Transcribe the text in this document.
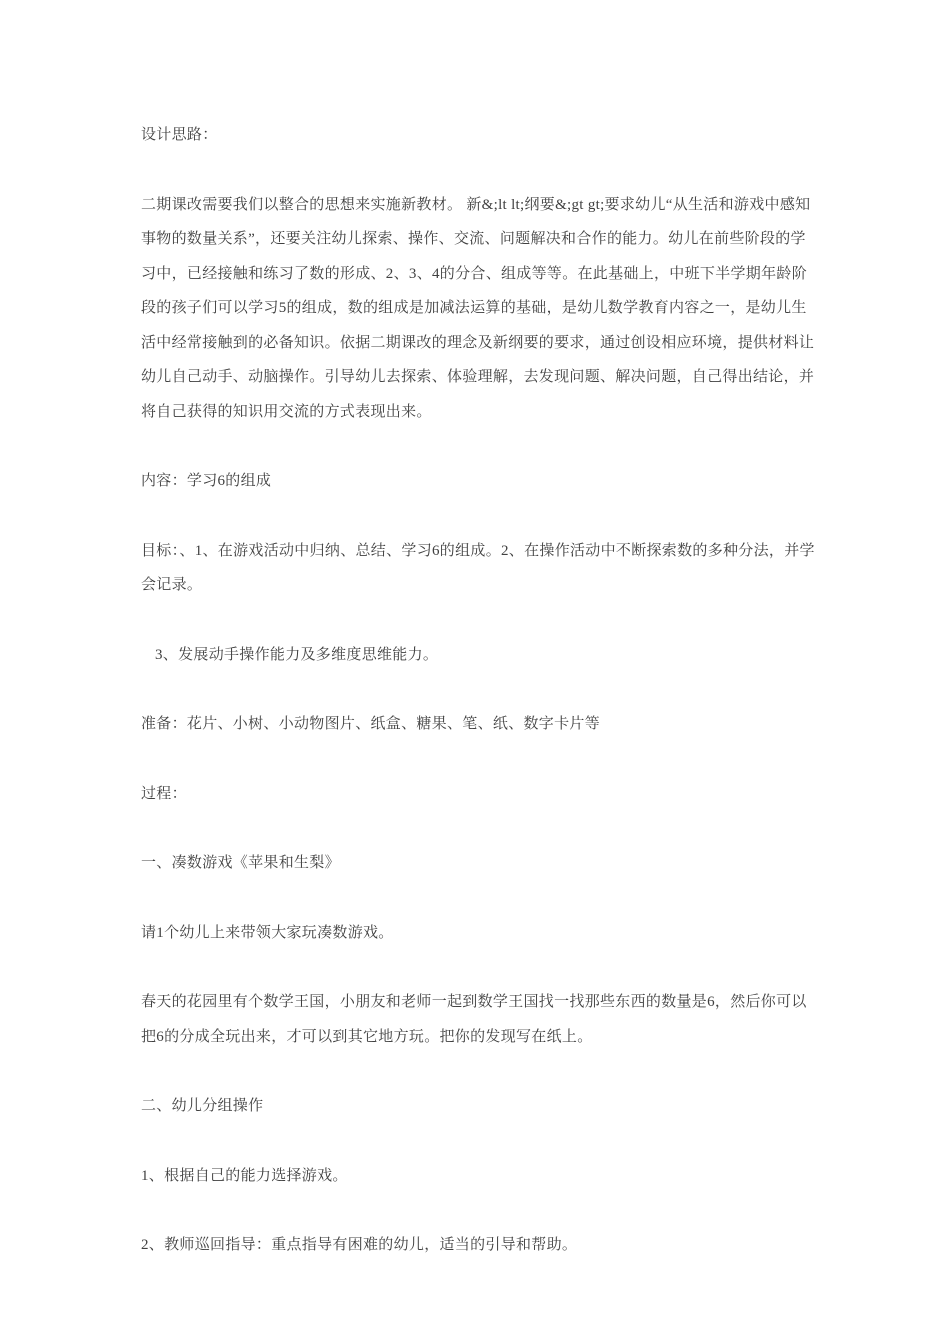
设计思路：

二期课改需要我们以整合的思想来实施新教材。 新&;lt lt;纲要&;gt gt;要求幼儿“从生活和游戏中感知事物的数量关系”，还要关注幼儿探索、操作、交流、问题解决和合作的能力。幼儿在前些阶段的学习中，已经接触和练习了数的形成、2、3、4的分合、组成等等。在此基础上，中班下半学期年龄阶段的孩子们可以学习5的组成，数的组成是加减法运算的基础，是幼儿数学教育内容之一，是幼儿生活中经常接触到的必备知识。依据二期课改的理念及新纲要的要求，通过创设相应环境，提供材料让幼儿自己动手、动脑操作。引导幼儿去探索、体验理解，去发现问题、解决问题，自己得出结论，并将自己获得的知识用交流的方式表现出来。

内容：学习6的组成

目标：、1、在游戏活动中归纳、总结、学习6的组成。2、在操作活动中不断探索数的多种分法，并学会记录。

3、发展动手操作能力及多维度思维能力。

准备：花片、小树、小动物图片、纸盒、糖果、笔、纸、数字卡片等

过程：

一、凑数游戏《苹果和生梨》

请1个幼儿上来带领大家玩凑数游戏。

春天的花园里有个数学王国，小朋友和老师一起到数学王国找一找那些东西的数量是6，然后你可以把6的分成全玩出来，才可以到其它地方玩。把你的发现写在纸上。

二、幼儿分组操作

1、根据自己的能力选择游戏。

2、教师巡回指导：重点指导有困难的幼儿，适当的引导和帮助。
